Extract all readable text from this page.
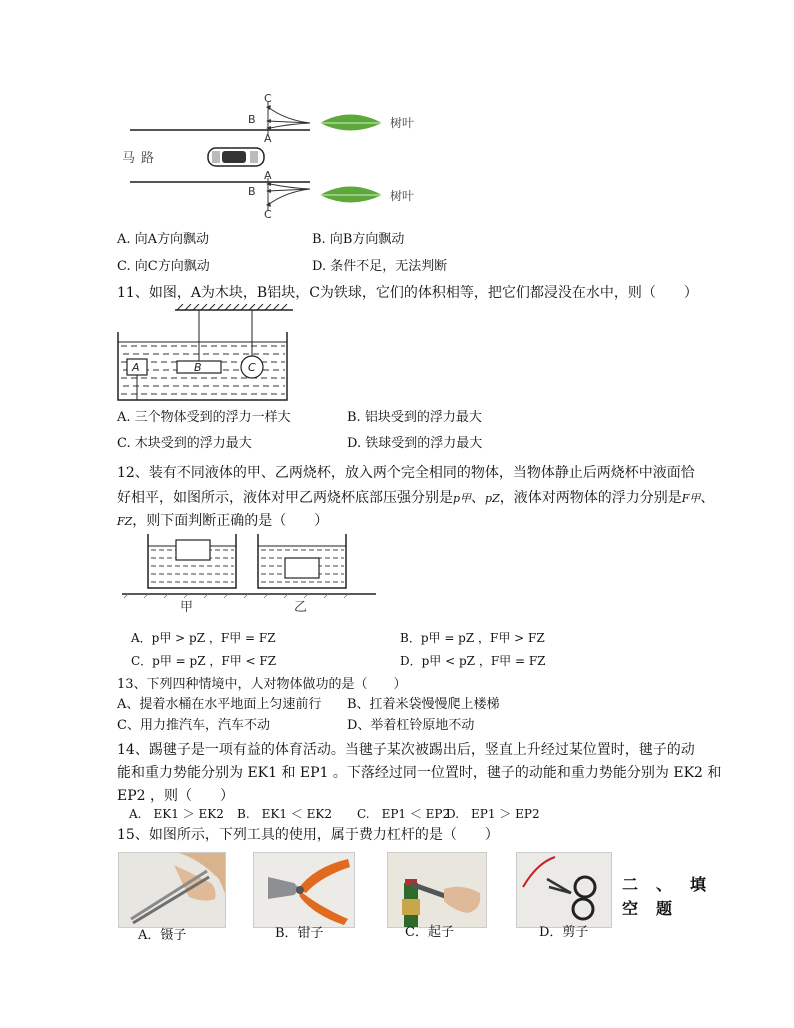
C
B
A
A
B
C
马路
树叶
树叶
A. 向A方向飘动	B. 向B方向飘动
C. 向C方向飘动	D. 条件不足，无法判断
11、如图，A为木块，B铝块，C为铁球，它们的体积相等，把它们都浸没在水中，则（　　）
A	B	C
A. 三个物体受到的浮力一样大	B. 铝块受到的浮力最大
C. 木块受到的浮力最大	D. 铁球受到的浮力最大
12、装有不同液体的甲、乙两烧杯，放入两个完全相同的物体，当物体静止后两烧杯中液面恰
好相平，如图所示，液体对甲乙两烧杯底部压强分别是p甲、pZ，液体对两物体的浮力分别是F甲、
FZ，则下面判断正确的是（　　）
甲	乙
A．p甲 > pZ ，F甲 = FZ	B．p甲 = pZ ，F甲 > FZ
C．p甲 = pZ ，F甲 < FZ	D．p甲 < pZ ，F甲 = FZ
13、下列四种情境中，人对物体做功的是（　　）
A、提着水桶在水平地面上匀速前行 B、扛着米袋慢慢爬上楼梯
C、用力推汽车，汽车不动	D、举着杠铃原地不动
14、踢毽子是一项有益的体育活动。当毽子某次被踢出后，竖直上升经过某位置时，毽子的动
能和重力势能分别为 EK1 和 EP1 。下落经过同一位置时，毽子的动能和重力势能分别为 EK2 和
EP2 ，则（　　）
A.　EK1 ＞ EK2 B.　EK1 ＜ EK2 C.　EP1 ＜ EP2
D.　EP1 ＞ EP2
15、如图所示，下列工具的使用，属于费力杠杆的是（　　）
A．镊子	B．钳子	C．起子	D．剪子
二、填
空题
